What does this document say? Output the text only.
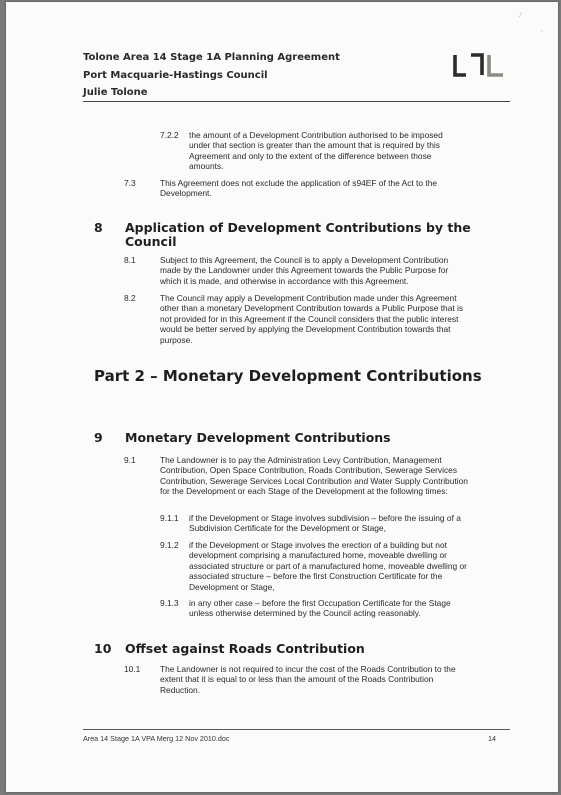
⁄
‚
Tolone Area 14 Stage 1A Planning Agreement
Port Macquarie-Hastings Council
Julie Tolone
7.2.2 the amount of a Development Contribution authorised to be imposed under that section is greater than the amount that is required by this Agreement and only to the extent of the difference between those amounts.
7.3	This Agreement does not exclude the application of s94EF of the Act to the Development.
8 Application of Development Contributions by the
Council
8.1	Subject to this Agreement, the Council is to apply a Development Contribution made by the Landowner under this Agreement towards the Public Purpose for which it is made, and otherwise in accordance with this Agreement.
8.2	The Council may apply a Development Contribution made under this Agreement other than a monetary Development Contribution towards a Public Purpose that is not provided for in this Agreement if the Council considers that the public interest would be better served by applying the Development Contribution towards that purpose.
Part 2 – Monetary Development Contributions
9 Monetary Development Contributions
9.1	The Landowner is to pay the Administration Levy Contribution, Management Contribution, Open Space Contribution, Roads Contribution, Sewerage Services Contribution, Sewerage Services Local Contribution and Water Supply Contribution for the Development or each Stage of the Development at the following times:
9.1.1 if the Development or Stage involves subdivision – before the issuing of a Subdivision Certificate for the Development or Stage,
9.1.2 if the Development or Stage involves the erection of a building but not development comprising a manufactured home, moveable dwelling or associated structure or part of a manufactured home, moveable dwelling or associated structure – before the first Construction Certificate for the Development or Stage,
9.1.3 in any other case – before the first Occupation Certificate for the Stage unless otherwise determined by the Council acting reasonably.
10 Offset against Roads Contribution
10.1 The Landowner is not required to incur the cost of the Roads Contribution to the extent that it is equal to or less than the amount of the Roads Contribution Reduction.
Area 14 Stage 1A VPA Merg 12 Nov 2010.doc	14
